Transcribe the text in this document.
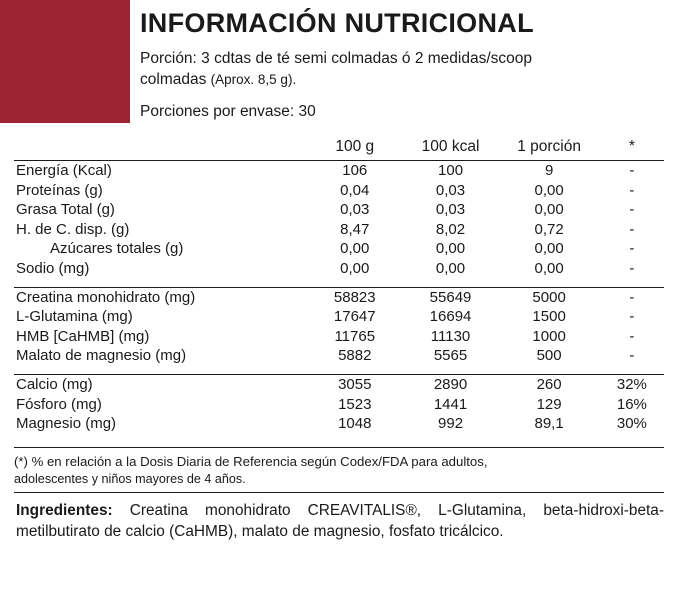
INFORMACIÓN NUTRICIONAL
Porción: 3 cdtas de té semi colmadas ó 2 medidas/scoop
colmadas (Aprox. 8,5 g).
Porciones por envase: 30
	100 g	100 kcal	1 porción	*
Energía (Kcal)	106	100	9	-
Proteínas (g)	0,04	0,03	0,00	-
Grasa Total (g)	0,03	0,03	0,00	-
H. de C. disp. (g)	8,47	8,02	0,72	-
Azúcares totales (g)	0,00	0,00	0,00	-
Sodio (mg)	0,00	0,00	0,00	-

Creatina monohidrato (mg)	58823	55649	5000	-
L-Glutamina (mg)	17647	16694	1500	-
HMB [CaHMB] (mg)	11765	11130	1000	-
Malato de magnesio (mg)	5882	5565	500	-

Calcio (mg)	3055	2890	260	32%
Fósforo (mg)	1523	1441	129	16%
Magnesio (mg)	1048	992	89,1	30%
(*) % en relación a la Dosis Diaria de Referencia según Codex/FDA para adultos,
adolescentes y niños mayores de 4 años.
Ingredientes: Creatina monohidrato CREAVITALIS®, L-Glutamina, beta-hidroxi-beta-metilbutirato de calcio (CaHMB), malato de magnesio, fosfato tricálcico.
